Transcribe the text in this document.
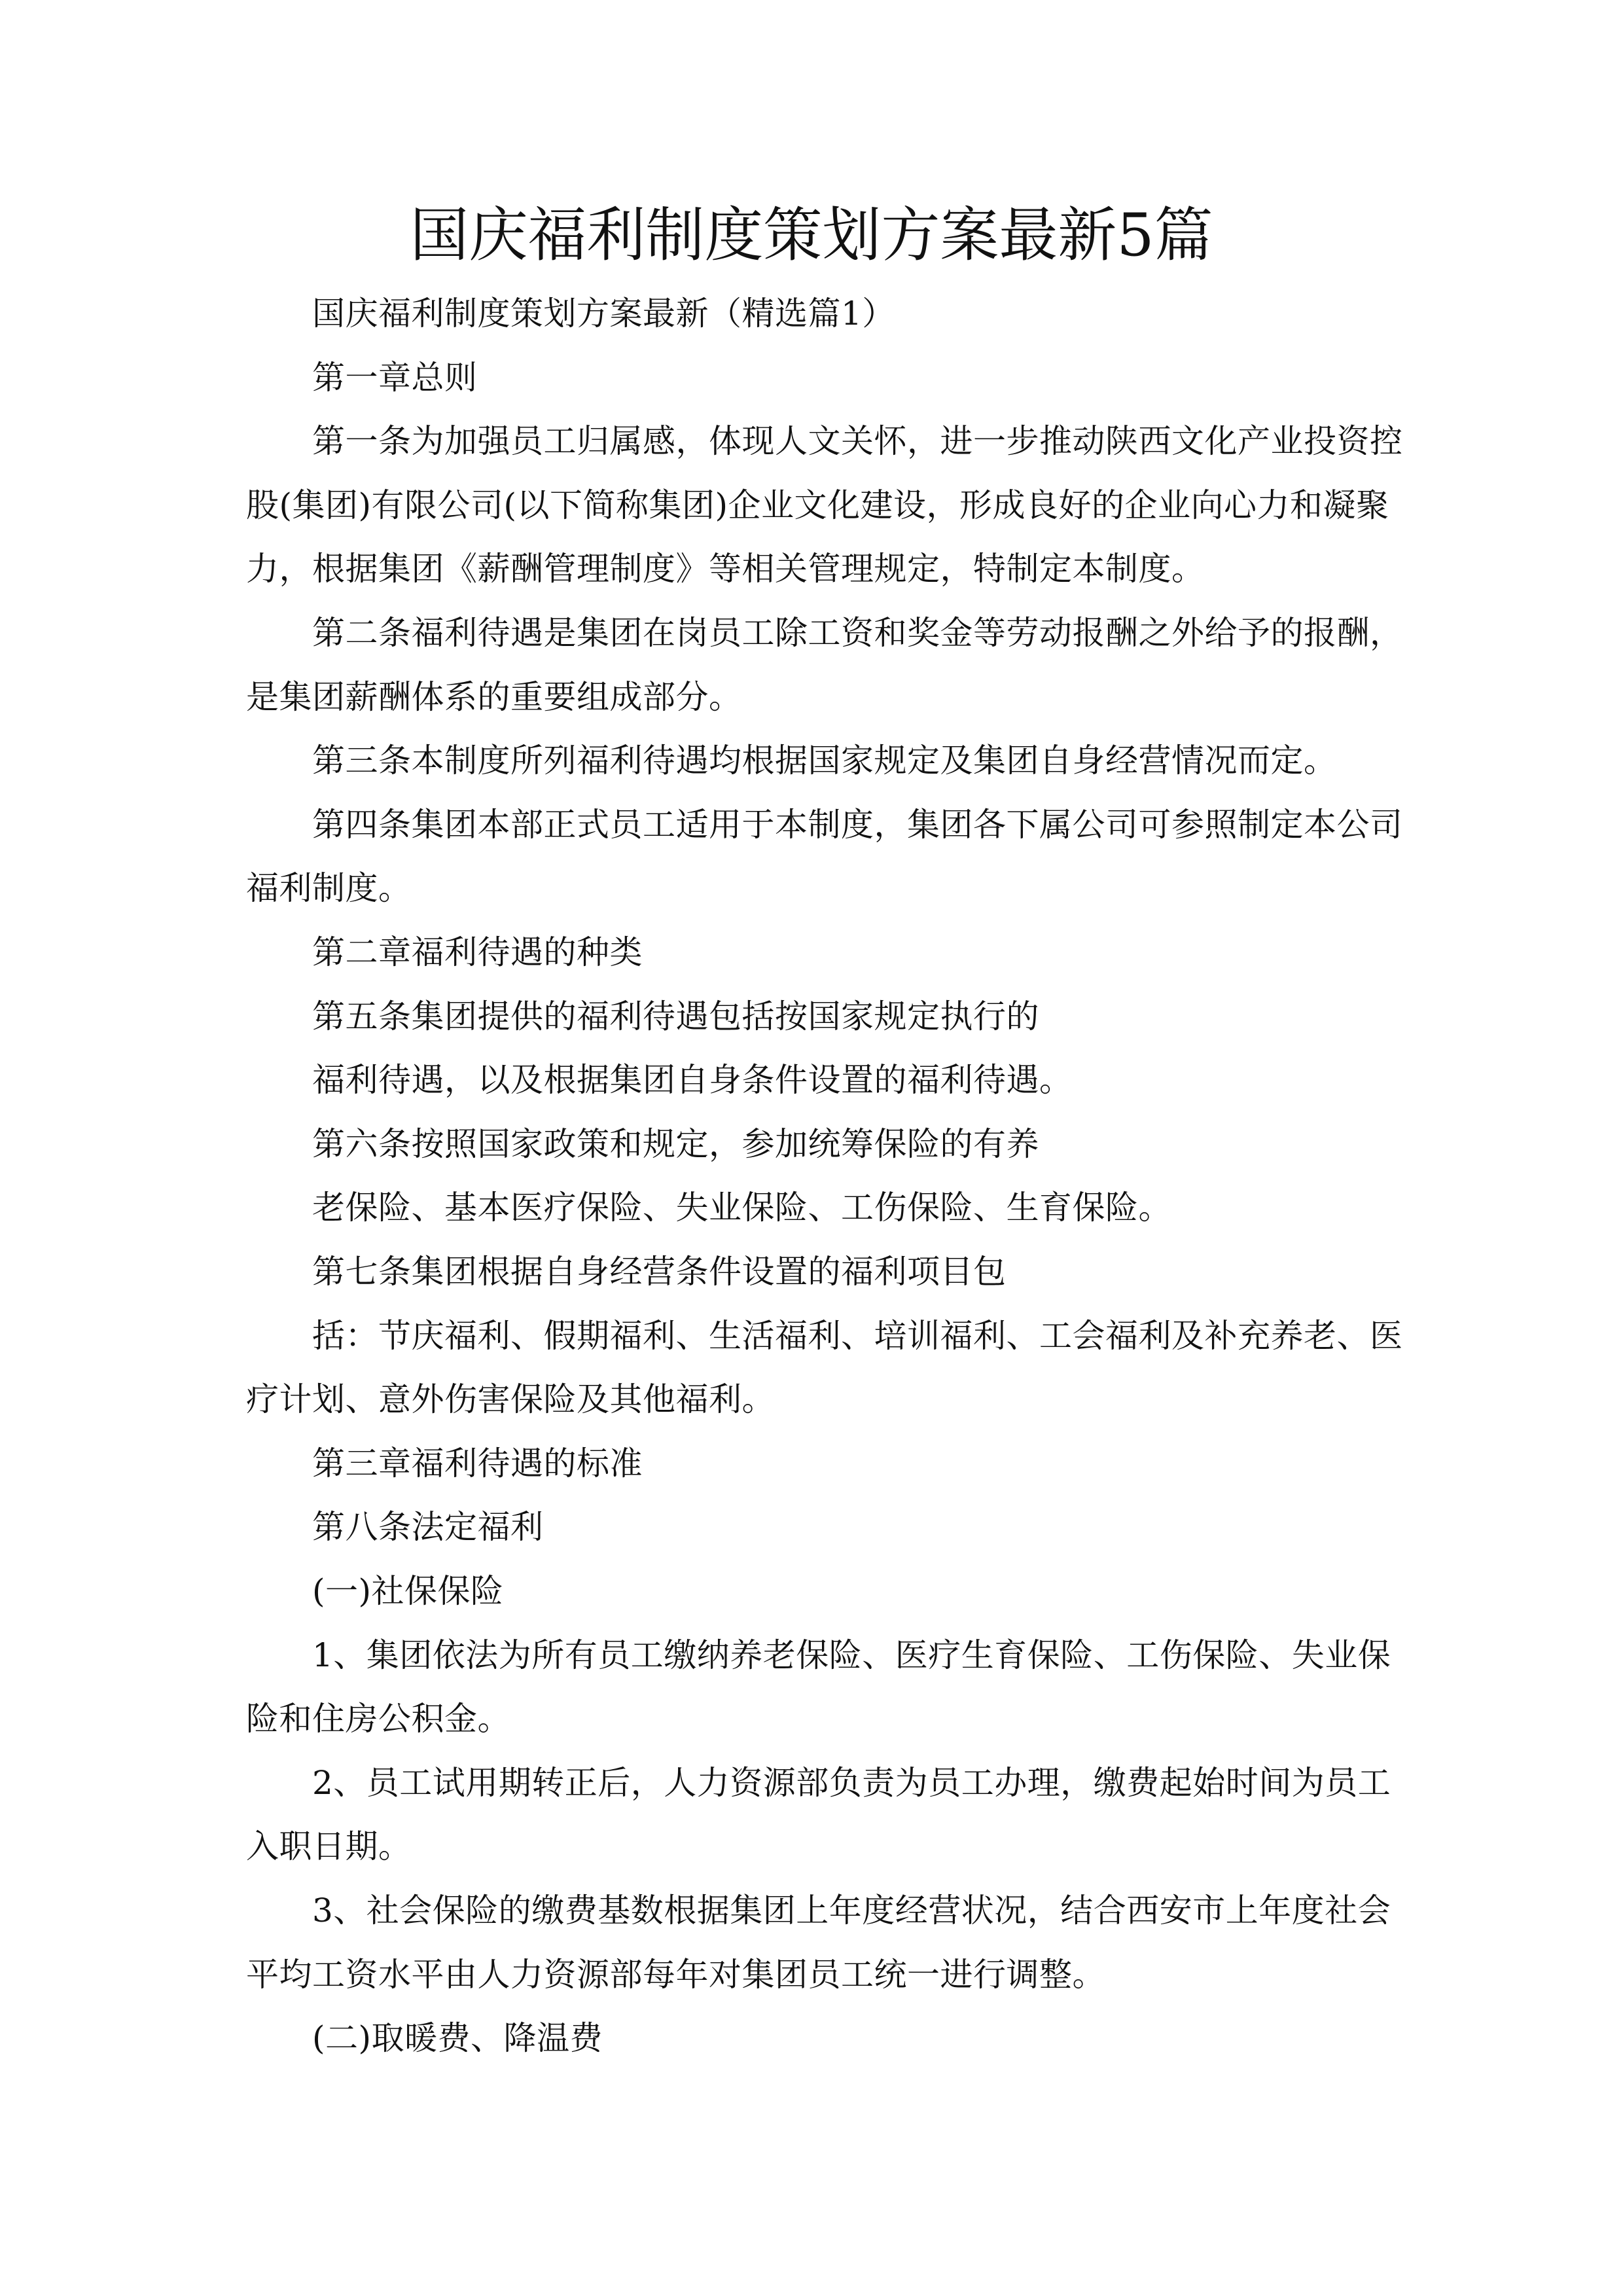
国庆福利制度策划方案最新5篇
国庆福利制度策划方案最新（精选篇1）
第一章总则
第一条为加强员工归属感，体现人文关怀，进一步推动陕西文化产业投资控
股(集团)有限公司(以下简称集团)企业文化建设，形成良好的企业向心力和凝聚
力，根据集团《薪酬管理制度》等相关管理规定，特制定本制度。
第二条福利待遇是集团在岗员工除工资和奖金等劳动报酬之外给予的报酬，
是集团薪酬体系的重要组成部分。
第三条本制度所列福利待遇均根据国家规定及集团自身经营情况而定。
第四条集团本部正式员工适用于本制度，集团各下属公司可参照制定本公司
福利制度。
第二章福利待遇的种类
第五条集团提供的福利待遇包括按国家规定执行的
福利待遇，以及根据集团自身条件设置的福利待遇。
第六条按照国家政策和规定，参加统筹保险的有养
老保险、基本医疗保险、失业保险、工伤保险、生育保险。
第七条集团根据自身经营条件设置的福利项目包
括：节庆福利、假期福利、生活福利、培训福利、工会福利及补充养老、医
疗计划、意外伤害保险及其他福利。
第三章福利待遇的标准
第八条法定福利
(一)社保保险
1、集团依法为所有员工缴纳养老保险、医疗生育保险、工伤保险、失业保
险和住房公积金。
2、员工试用期转正后，人力资源部负责为员工办理，缴费起始时间为员工
入职日期。
3、社会保险的缴费基数根据集团上年度经营状况，结合西安市上年度社会
平均工资水平由人力资源部每年对集团员工统一进行调整。
(二)取暖费、降温费
